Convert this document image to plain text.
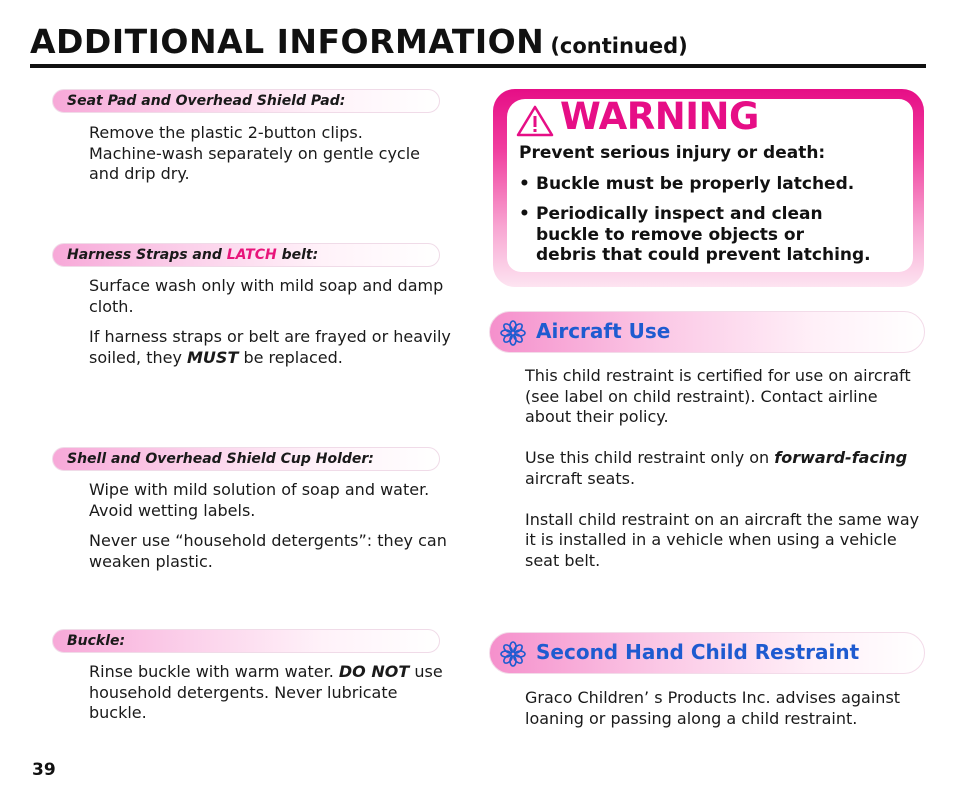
ADDITIONAL INFORMATION (continued)
Seat Pad and Overhead Shield Pad:

Remove the plastic 2-button clips.
Machine-wash separately on gentle cycle
and drip dry.

Harness Straps and LATCH belt:

Surface wash only with mild soap and damp
cloth.

If harness straps or belt are frayed or heavily
soiled, they MUST be replaced.

Shell and Overhead Shield Cup Holder:

Wipe with mild solution of soap and water.
Avoid wetting labels.

Never use “household detergents”: they can
weaken plastic.

Buckle:

Rinse buckle with warm water. DO NOT use
household detergents. Never lubricate
buckle.

WARNING
Prevent serious injury or death:
• Buckle must be properly latched.
• Periodically inspect and clean
buckle to remove objects or
debris that could prevent latching.
Aircraft Use

This child restraint is certified for use on aircraft
(see label on child restraint). Contact airline
about their policy.

Use this child restraint only on forward-facing
aircraft seats.

Install child restraint on an aircraft the same way
it is installed in a vehicle when using a vehicle
seat belt.

Second Hand Child Restraint

Graco Children’ s Products Inc. advises against
loaning or passing along a child restraint.

39
